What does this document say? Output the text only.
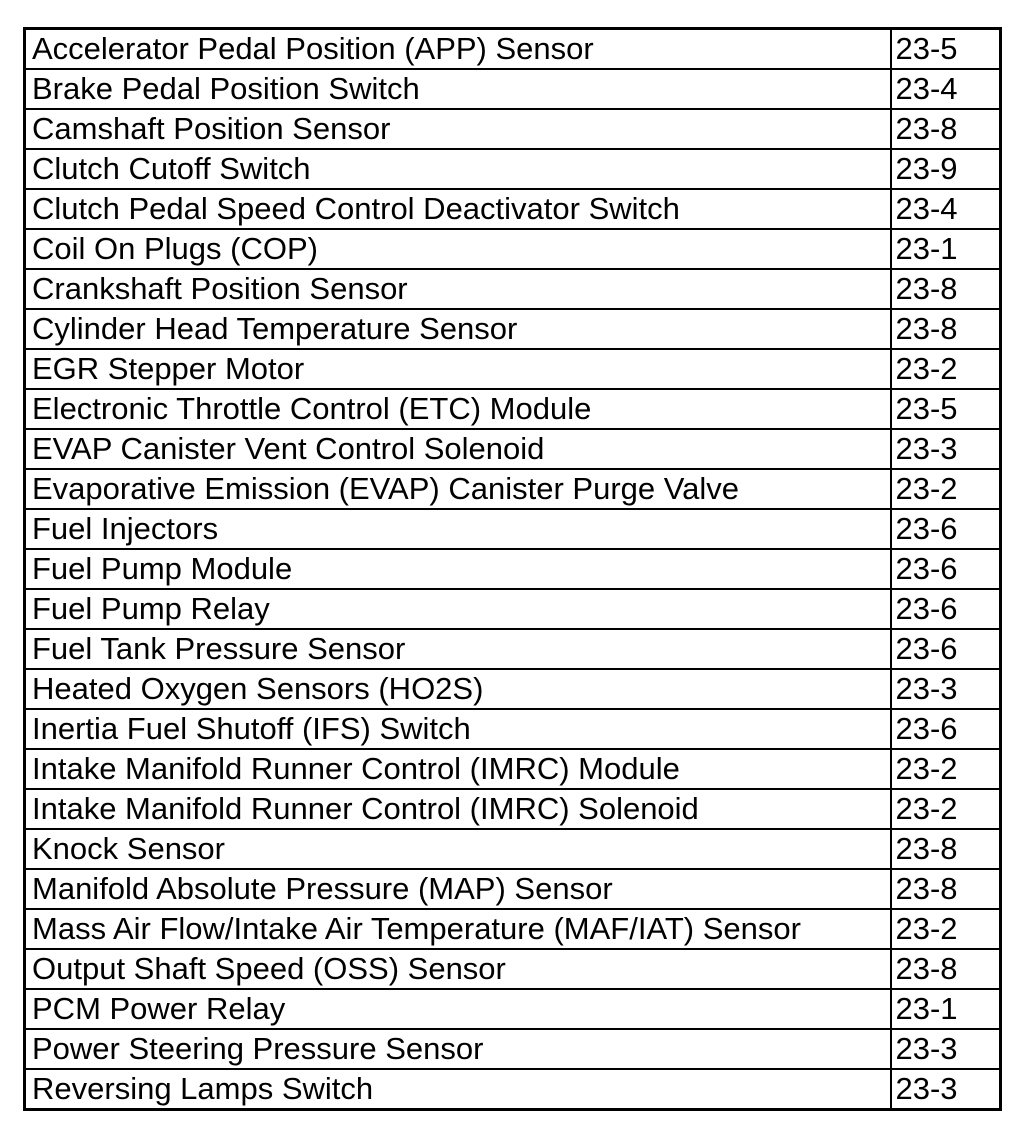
Accelerator Pedal Position (APP) Sensor	23-5
Brake Pedal Position Switch	23-4
Camshaft Position Sensor	23-8
Clutch Cutoff Switch	23-9
Clutch Pedal Speed Control Deactivator Switch	23-4
Coil On Plugs (COP)	23-1
Crankshaft Position Sensor	23-8
Cylinder Head Temperature Sensor	23-8
EGR Stepper Motor	23-2
Electronic Throttle Control (ETC) Module	23-5
EVAP Canister Vent Control Solenoid	23-3
Evaporative Emission (EVAP) Canister Purge Valve	23-2
Fuel Injectors	23-6
Fuel Pump Module	23-6
Fuel Pump Relay	23-6
Fuel Tank Pressure Sensor	23-6
Heated Oxygen Sensors (HO2S)	23-3
Inertia Fuel Shutoff (IFS) Switch	23-6
Intake Manifold Runner Control (IMRC) Module	23-2
Intake Manifold Runner Control (IMRC) Solenoid	23-2
Knock Sensor	23-8
Manifold Absolute Pressure (MAP) Sensor	23-8
Mass Air Flow/Intake Air Temperature (MAF/IAT) Sensor	23-2
Output Shaft Speed (OSS) Sensor	23-8
PCM Power Relay	23-1
Power Steering Pressure Sensor	23-3
Reversing Lamps Switch	23-3
